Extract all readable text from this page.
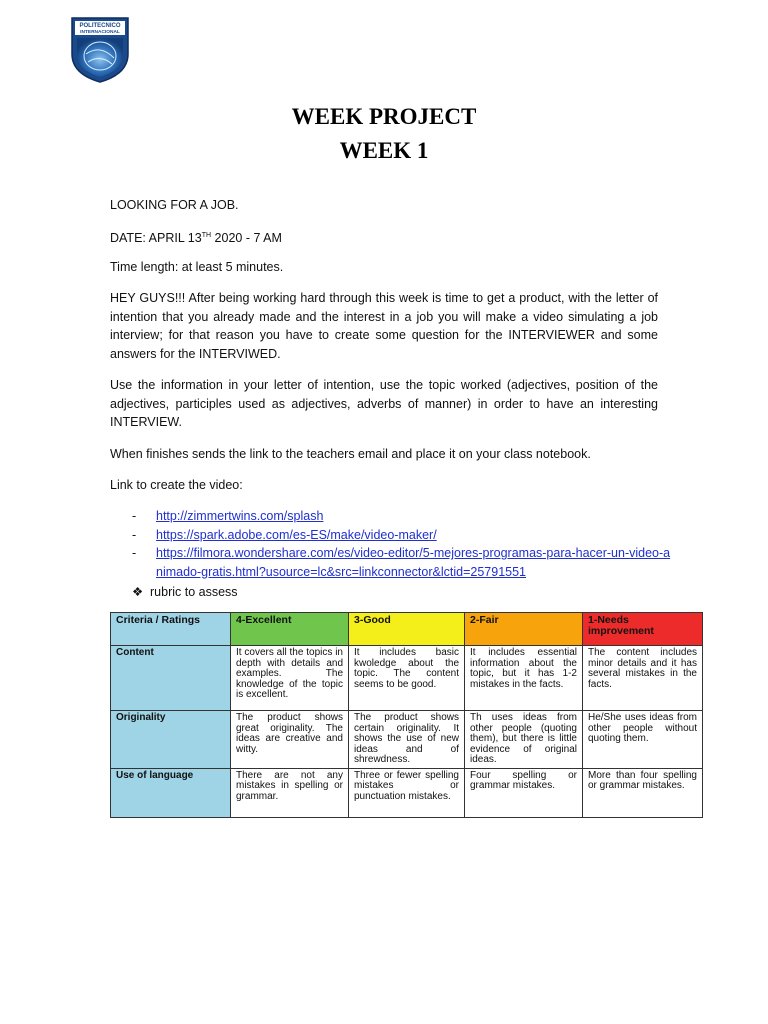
POLITECNICO
INTERNACIONAL
WEEK PROJECT
WEEK 1

LOOKING FOR A JOB.

DATE: APRIL 13TH 2020 - 7 AM

Time length: at least 5 minutes.

HEY GUYS!!! After being working hard through this week is time to get a product, with the letter of intention that you already made and the interest in a job you will make a video simulating a job interview; for that reason you have to create some question for the INTERVIEWER and some answers for the INTERVIWED.

Use the information in your letter of intention, use the topic worked (adjectives, position of the adjectives, participles used as adjectives, adverbs of manner) in order to have an interesting INTERVIEW.

When finishes sends the link to the teachers email and place it on your class notebook.

Link to create the video:

- http://zimmertwins.com/splash
- https://spark.adobe.com/es-ES/make/video-maker/
- https://filmora.wondershare.com/es/video-editor/5-mejores-programas-para-hacer-un-video-animado-gratis.html?usource=lc&src=linkconnector&lctid=25791551
❖ rubric to assess
Criteria / Ratings	4-Excellent	3-Good	2-Fair	1-Needs improvement
Content	It covers all the topics in depth with details and examples. The knowledge of the topic is excellent.	It includes basic kwoledge about the topic. The content seems to be good.	It includes essential information about the topic, but it has 1-2 mistakes in the facts.	The content includes minor details and it has several mistakes in the facts.
Originality	The product shows great originality. The ideas are creative and witty.	The product shows certain originality. It shows the use of new ideas and of shrewdness.	Th uses ideas from other people (quoting them), but there is little evidence of original ideas.	He/She uses ideas from other people without quoting them.
Use of language	There are not any mistakes in spelling or grammar.	Three or fewer spelling mistakes or punctuation mistakes.	Four spelling or grammar mistakes.	More than four spelling or grammar mistakes.
